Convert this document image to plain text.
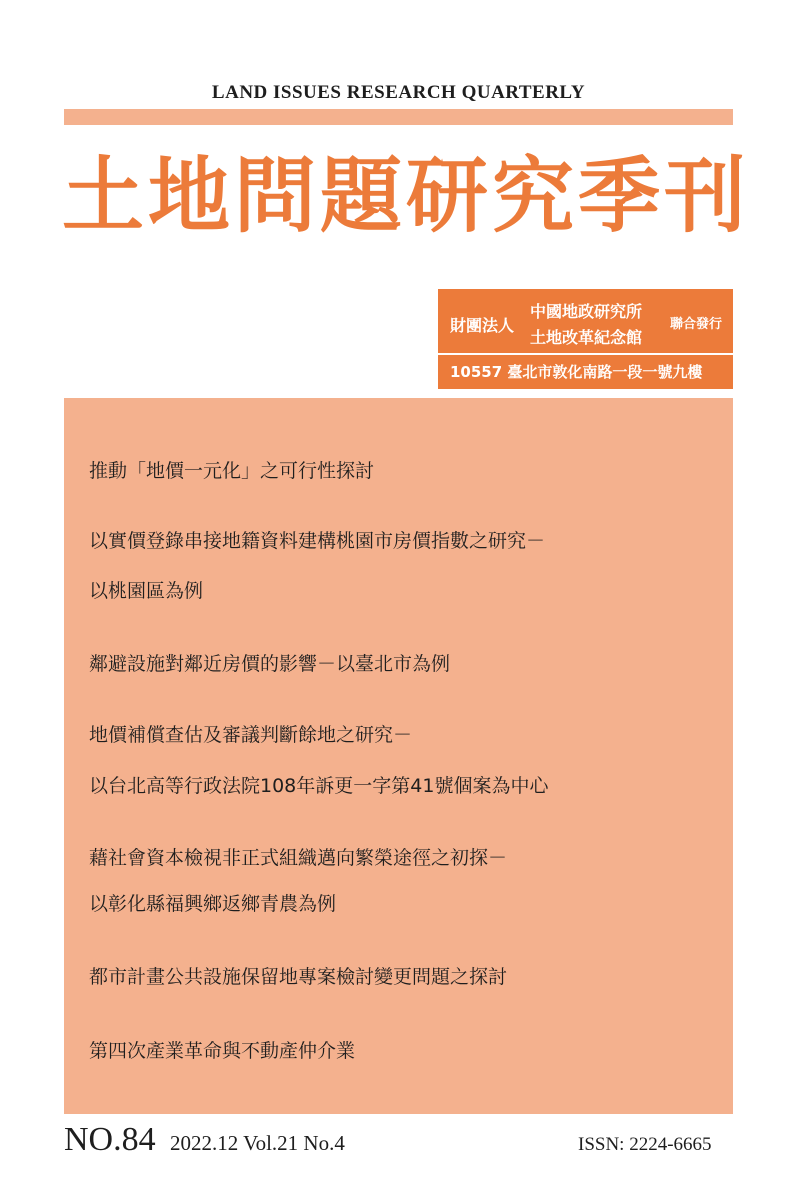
LAND ISSUES RESEARCH QUARTERLY
土地問題研究季刊
財團法人
中國地政研究所
土地改革紀念館
聯合發行
10557 臺北市敦化南路一段一號九樓
推動「地價一元化」之可行性探討
以實價登錄串接地籍資料建構桃園市房價指數之研究－
以桃園區為例
鄰避設施對鄰近房價的影響－以臺北市為例
地價補償查估及審議判斷餘地之研究－
以台北高等行政法院108年訴更一字第41號個案為中心
藉社會資本檢視非正式組織邁向繁榮途徑之初探－
以彰化縣福興鄉返鄉青農為例
都市計畫公共設施保留地專案檢討變更問題之探討
第四次產業革命與不動產仲介業
NO.84 2022.12 Vol.21 No.4	ISSN: 2224-6665
